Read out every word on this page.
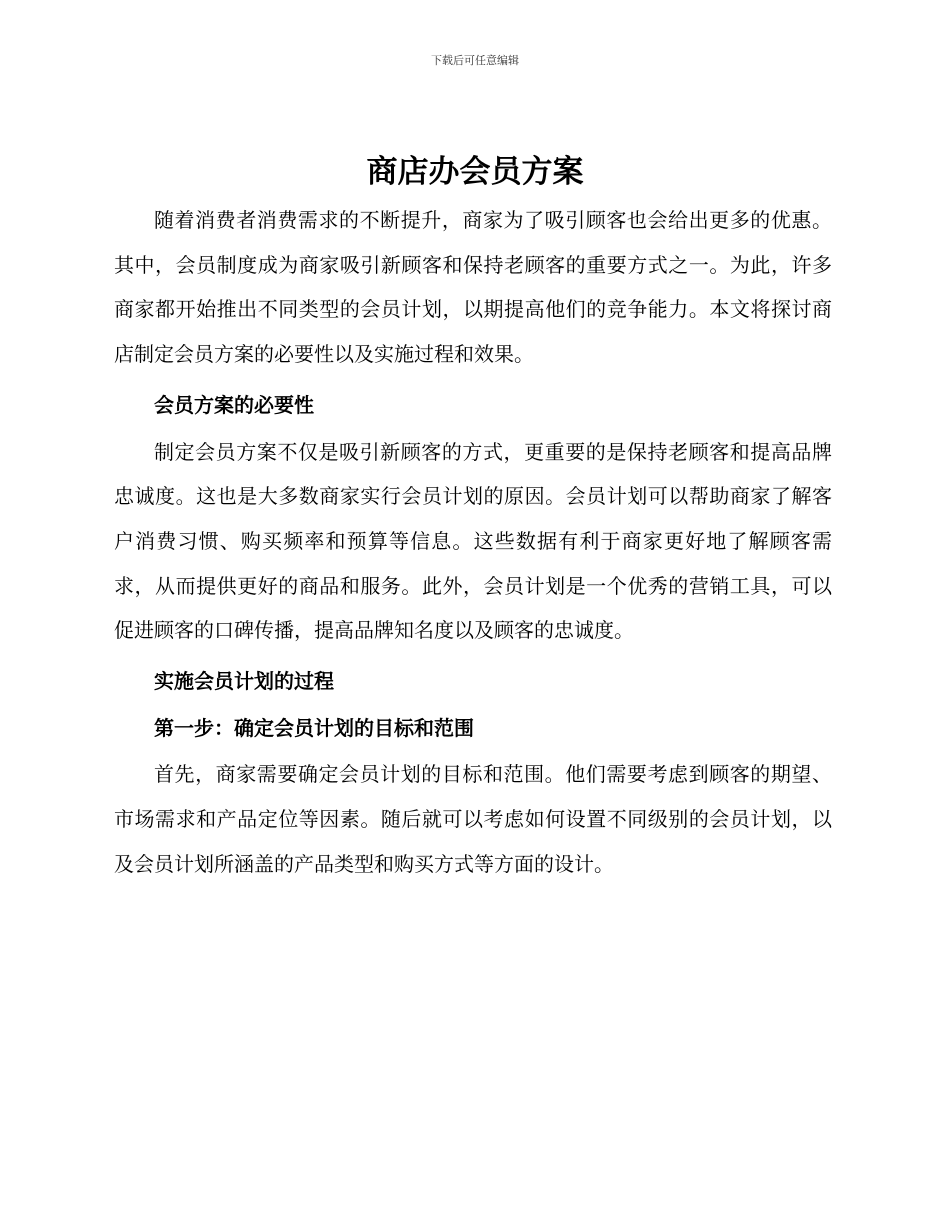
下载后可任意编辑
商店办会员方案

随着消费者消费需求的不断提升，商家为了吸引顾客也会给出更多的优惠。其中，会员制度成为商家吸引新顾客和保持老顾客的重要方式之一。为此，许多商家都开始推出不同类型的会员计划，以期提高他们的竞争能力。本文将探讨商店制定会员方案的必要性以及实施过程和效果。

会员方案的必要性

制定会员方案不仅是吸引新顾客的方式，更重要的是保持老顾客和提高品牌忠诚度。这也是大多数商家实行会员计划的原因。会员计划可以帮助商家了解客户消费习惯、购买频率和预算等信息。这些数据有利于商家更好地了解顾客需求，从而提供更好的商品和服务。此外，会员计划是一个优秀的营销工具，可以促进顾客的口碑传播，提高品牌知名度以及顾客的忠诚度。

实施会员计划的过程

第一步：确定会员计划的目标和范围

首先，商家需要确定会员计划的目标和范围。他们需要考虑到顾客的期望、市场需求和产品定位等因素。随后就可以考虑如何设置不同级别的会员计划，以及会员计划所涵盖的产品类型和购买方式等方面的设计。
